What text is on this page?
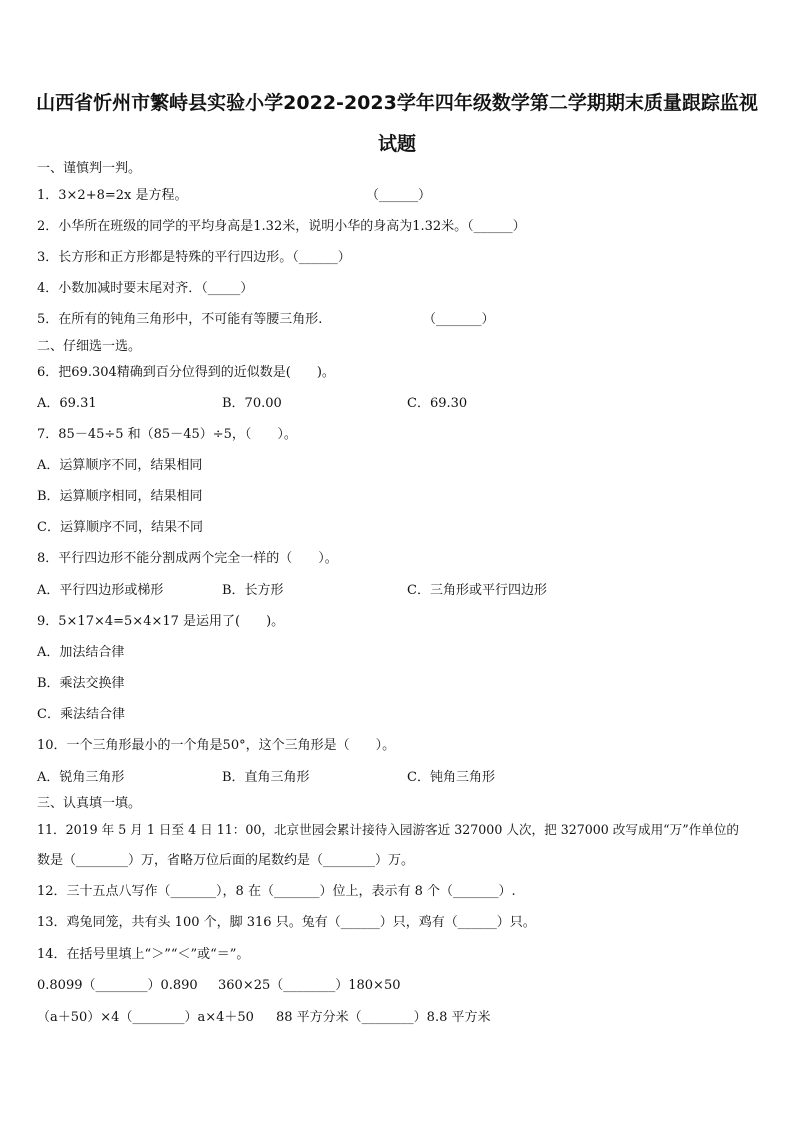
山西省忻州市繁峙县实验小学2022-2023学年四年级数学第二学期期末质量跟踪监视
试题
一、谨慎判一判。
1．3×2+8=2x 是方程。	（______）
2．小华所在班级的同学的平均身高是1.32米，说明小华的身高为1.32米。（______）
3．长方形和正方形都是特殊的平行四边形。（______）
4．小数加减时要末尾对齐．（_____）
5．在所有的钝角三角形中，不可能有等腰三角形.	（_______）
二、仔细选一选。
6．把69.304精确到百分位得到的近似数是(　　)。
A．69.31	B．70.00	C．69.30
7．85－45÷5 和（85－45）÷5，（　　）。
A．运算顺序不同，结果相同
B．运算顺序相同，结果相同
C．运算顺序不同，结果不同
8．平行四边形不能分割成两个完全一样的（　　）。
A．平行四边形或梯形	B．长方形	C．三角形或平行四边形
9．5×17×4=5×4×17 是运用了(　　)。
A．加法结合律
B．乘法交换律
C．乘法结合律
10．一个三角形最小的一个角是50°，这个三角形是（　　）。
A．锐角三角形	B．直角三角形	C．钝角三角形
三、认真填一填。
11．2019 年 5 月 1 日至 4 日 11：00，北京世园会累计接待入园游客近 327000 人次，把 327000 改写成用“万”作单位的
数是（________）万，省略万位后面的尾数约是（________）万。
12．三十五点八写作（_______），8 在（_______）位上，表示有 8 个（_______）.
13．鸡兔同笼，共有头 100 个，脚 316 只。兔有（______）只，鸡有（______）只。
14．在括号里填上“＞”“＜”或“＝”。
0.8099（________）0.890 360×25（________）180×50
（a＋50）×4（________）a×4＋50 88 平方分米（________）8.8 平方米
